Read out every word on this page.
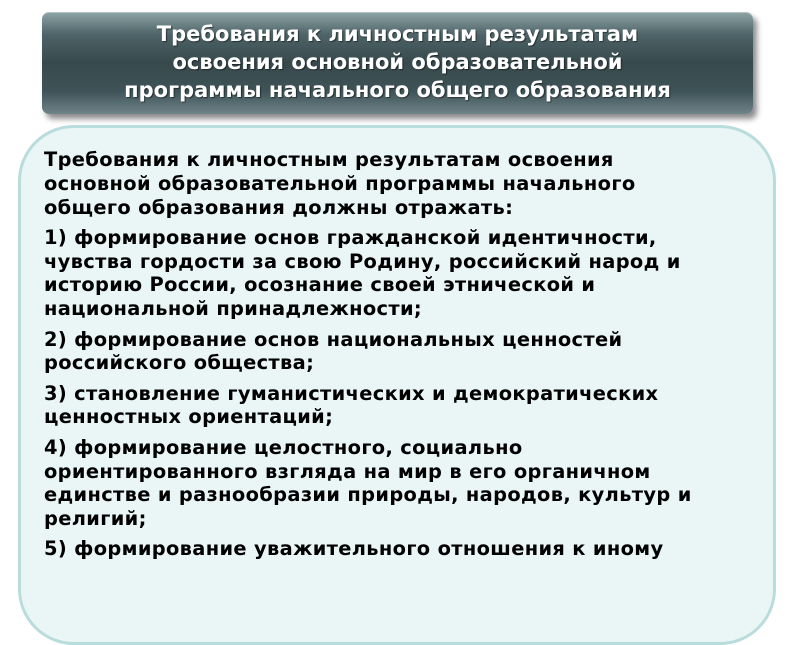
Требования к личностным результатам
освоения основной образовательной
программы начального общего образования
Требования к личностным результатам освоения
основной образовательной программы начального
общего образования должны отражать:
1) формирование основ гражданской идентичности,
чувства гордости за свою Родину, российский народ и
историю России, осознание своей этнической и
национальной принадлежности;
2) формирование основ национальных ценностей
российского общества;
3) становление гуманистических и демократических
ценностных ориентаций;
4) формирование целостного, социально
ориентированного взгляда на мир в его органичном
единстве и разнообразии природы, народов, культур и
религий;
5) формирование уважительного отношения к иному
